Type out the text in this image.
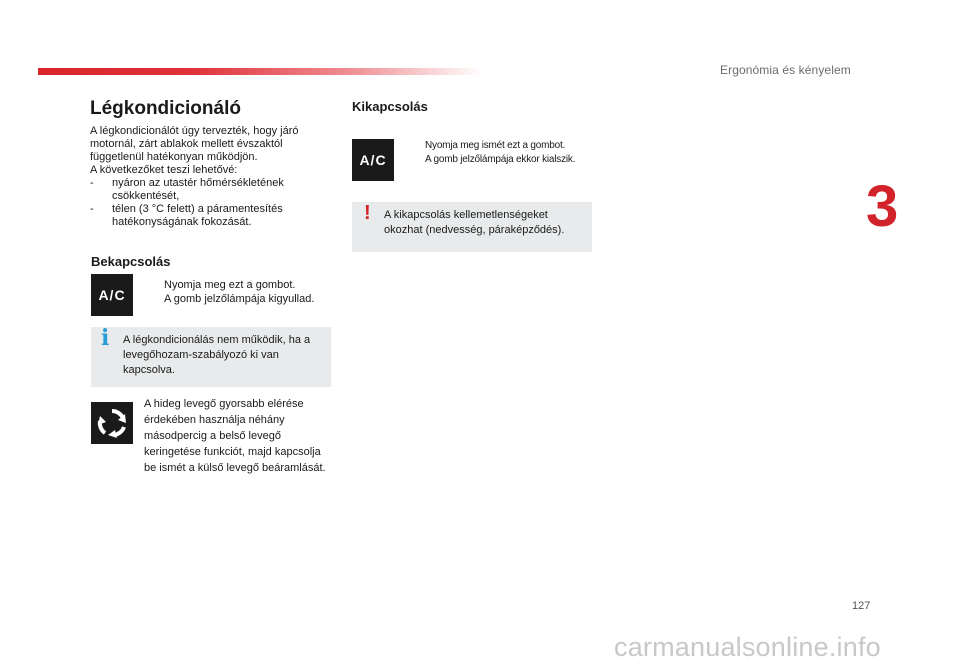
Ergonómia és kényelem
3
Légkondicionáló

A légkondicionálót úgy tervezték, hogy járó motornál, zárt ablakok mellett évszaktól függetlenül hatékonyan működjön.

A következőket teszi lehetővé:

- nyáron az utastér hőmérsékletének csökkentését,

- télen (3 °C felett) a páramentesítés hatékonyságának fokozását.

Bekapcsolás
A/C
Nyomja meg ezt a gombot.
A gomb jelzőlámpája kigyullad.
i A légkondicionálás nem működik, ha a levegőhozam-szabályozó ki van kapcsolva.
A hideg levegő gyorsabb elérése érdekében használja néhány másodpercig a belső levegő keringetése funkciót, majd kapcsolja be ismét a külső levegő beáramlását.
Kikapcsolás
A/C
Nyomja meg ismét ezt a gombot.
A gomb jelzőlámpája ekkor kialszik.
! A kikapcsolás kellemetlenségeket okozhat (nedvesség, páraképződés).
127
carmanualsonline.info
